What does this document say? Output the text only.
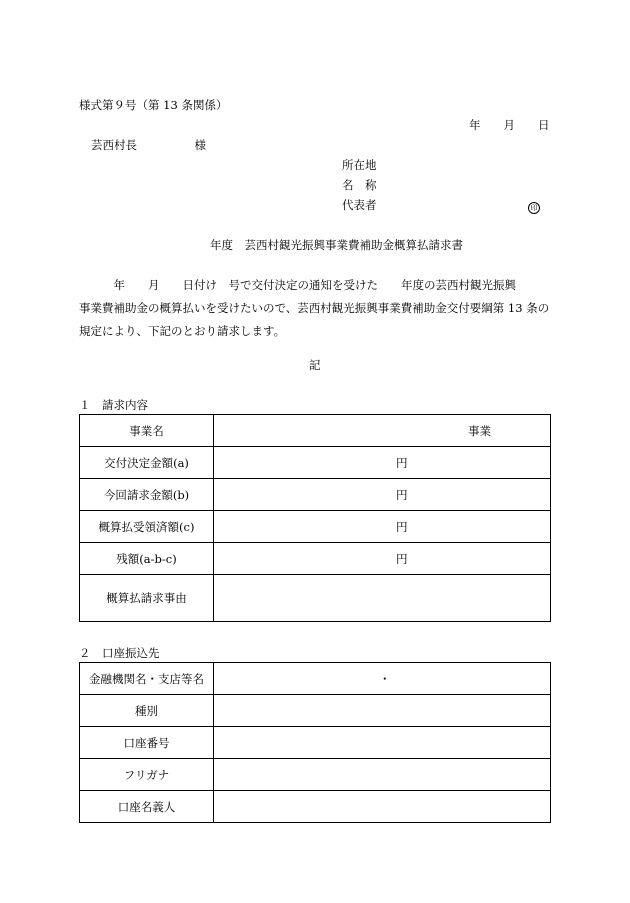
様式第９号（第 13 条関係）
年　　月　　日
芸西村長　　　　　様
所在地
名　称
代表者	印
年度　芸西村観光振興事業費補助金概算払請求書
　　　年　　月　　日付け　号で交付決定の通知を受けた　　年度の芸西村観光振興
事業費補助金の概算払いを受けたいので、芸西村観光振興事業費補助金交付要綱第 13 条の
規定により、下記のとおり請求します。
記
１　請求内容
事業名	事業

交付決定金額(a)	円

今回請求金額(b)	円

概算払受領済額(c)	円

残額(a-b-c)	円

概算払請求事由	
２　口座振込先
金融機関名・支店等名	・

種別	
口座番号	
フリガナ	
口座名義人	
